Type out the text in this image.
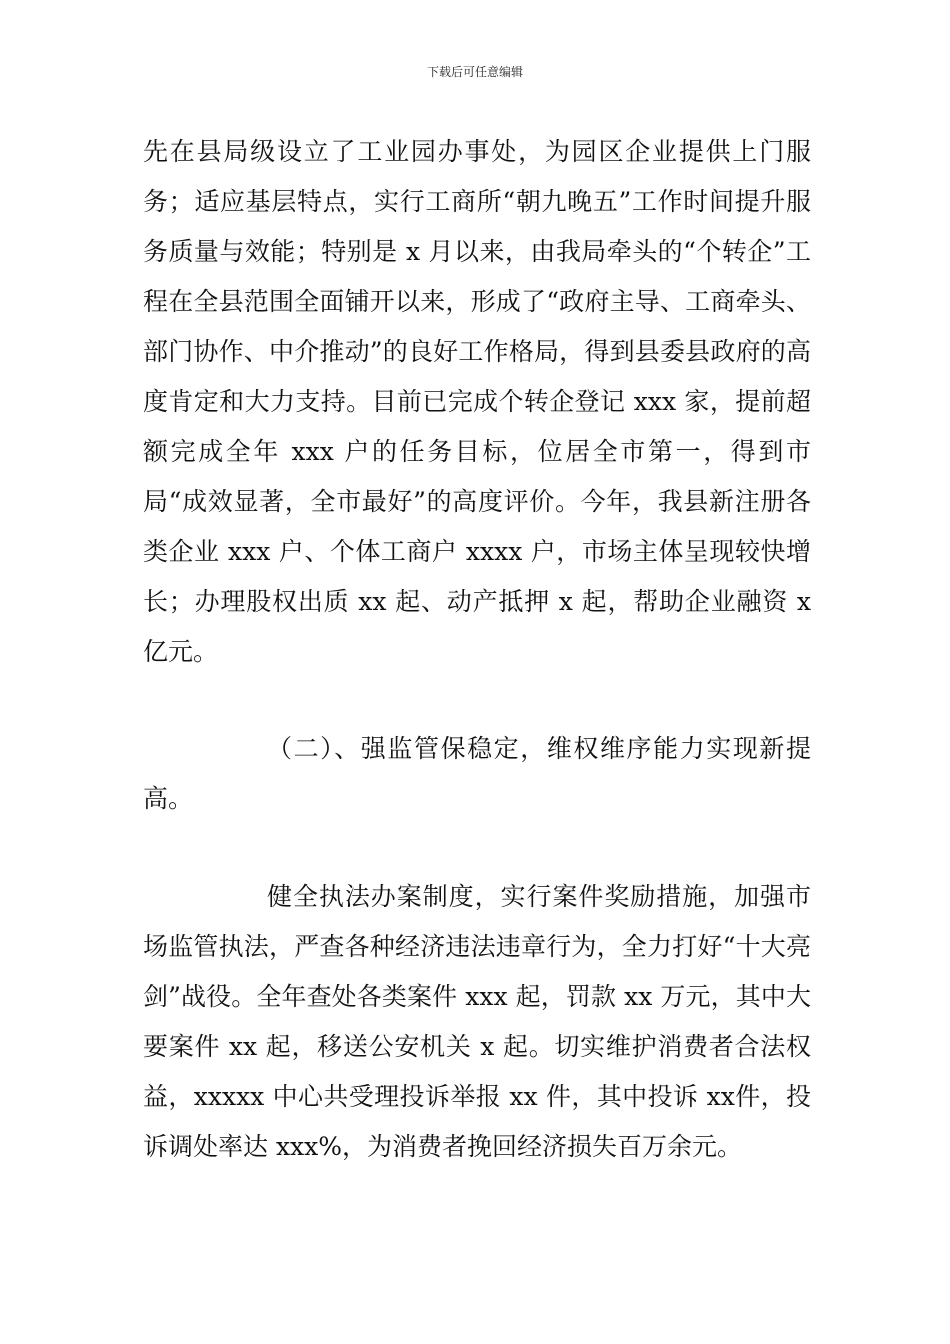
下载后可任意编辑

先在县局级设立了工业园办事处，为园区企业提供上门服务；适应基层特点，实行工商所“朝九晚五”工作时间提升服务质量与效能；特别是 x 月以来，由我局牵头的“个转企”工程在全县范围全面铺开以来，形成了“政府主导、工商牵头、部门协作、中介推动”的良好工作格局，得到县委县政府的高度肯定和大力支持。目前已完成个转企登记 xxx 家，提前超额完成全年 xxx 户的任务目标，位居全市第一，得到市局“成效显著，全市最好”的高度评价。今年，我县新注册各类企业 xxx 户、个体工商户 xxxx 户，市场主体呈现较快增长；办理股权出质 xx 起、动产抵押 x 起，帮助企业融资 x 亿元。

（二）、强监管保稳定，维权维序能力实现新提高。

健全执法办案制度，实行案件奖励措施，加强市场监管执法，严查各种经济违法违章行为，全力打好“十大亮剑”战役。全年查处各类案件 xxx 起，罚款 xx 万元，其中大要案件 xx 起，移送公安机关 x 起。切实维护消费者合法权益，xxxxx 中心共受理投诉举报 xx 件，其中投诉 xx件，投诉调处率达 xxx%，为消费者挽回经济损失百万余元。
